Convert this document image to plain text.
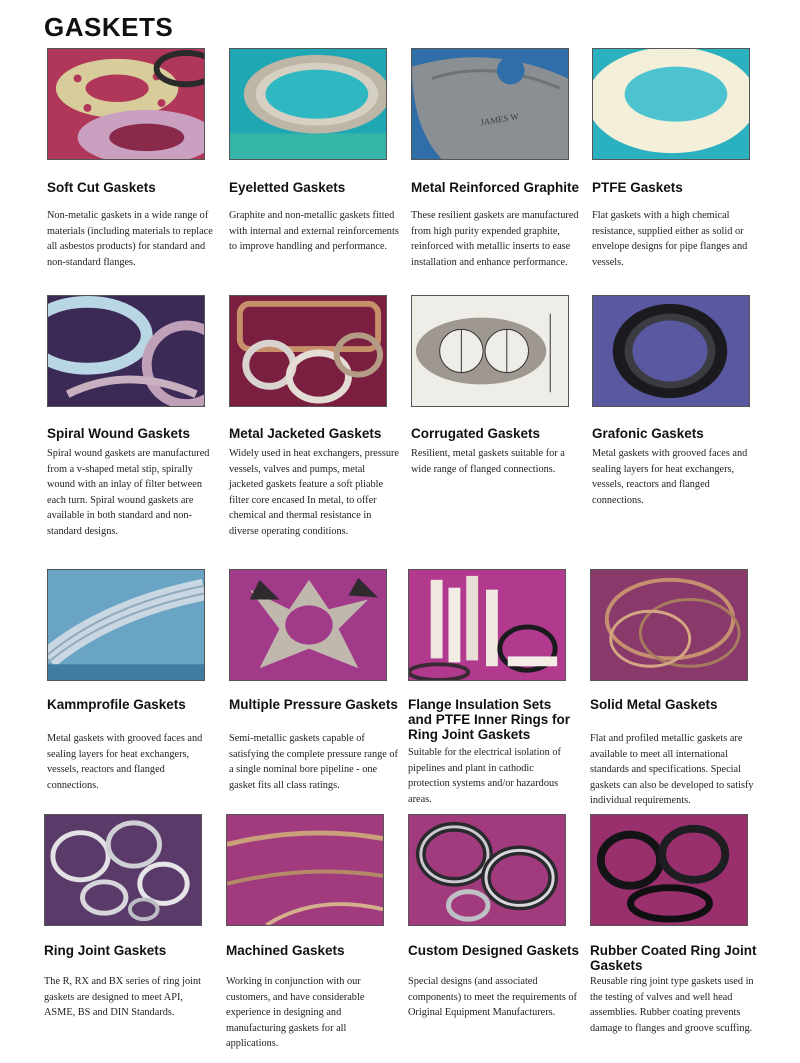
GASKETS
Soft Cut Gaskets

Non-metalic gaskets in a wide range of materials (including materials to replace all asbestos products) for standard and non-standard flanges.

Eyeletted Gaskets

Graphite and non-metallic gaskets fitted with internal and external reinforcements to improve handling and performance.

JAMES W
Metal Reinforced Graphite

These resilient gaskets are manufactured from high purity expended graphite, reinforced with metallic inserts to ease installation and enhance performance.

PTFE Gaskets

Flat gaskets with a high chemical resistance, supplied either as solid or envelope designs for pipe flanges and vessels.

Spiral Wound Gaskets

Spiral wound gaskets are manufactured from a v-shaped metal stip, spirally wound with an inlay of filter between each turn. Spiral wound gaskets are available in both standard and non-standard designs.

Metal Jacketed Gaskets

Widely used in heat exchangers, pressure vessels, valves and pumps, metal jacketed gaskets feature a soft pliable filter core encased In metal, to offer chemical and thermal resistance in diverse operating conditions.

Corrugated Gaskets

Resilient, metal gaskets suitable for a wide range of flanged connections.

Grafonic Gaskets

Metal gaskets with grooved faces and sealing layers for heat exchangers, vessels, reactors and flanged connections.

Kammprofile Gaskets

Metal gaskets with grooved faces and sealing layers for heat exchangers, vessels, reactors and flanged connections.

Multiple Pressure Gaskets

Semi-metallic gaskets capable of satisfying the complete pressure range of a single nominal bore pipeline - one gasket fits all class ratings.

Flange Insulation Sets and PTFE Inner Rings for Ring Joint Gaskets

Suitable for the electrical isolation of pipelines and plant in cathodic protection systems and/or hazardous areas.

Solid Metal Gaskets

Flat and profiled metallic gaskets are available to meet all international standards and specifications. Special gaskets can also be developed to satisfy individual requirements.

Ring Joint Gaskets

The R, RX and BX series of ring joint gaskets are designed to meet API, ASME, BS and DIN Standards.

Machined Gaskets

Working in conjunction with our customers, and have considerable experience in designing and manufacturing gaskets for all applications.

Custom Designed Gaskets

Special designs (and associated components) to meet the requirements of Original Equipment Manufacturers.

Rubber Coated Ring Joint Gaskets

Reusable ring joint type gaskets used in the testing of valves and well head assemblies. Rubber coating prevents damage to flanges and groove scuffing.
